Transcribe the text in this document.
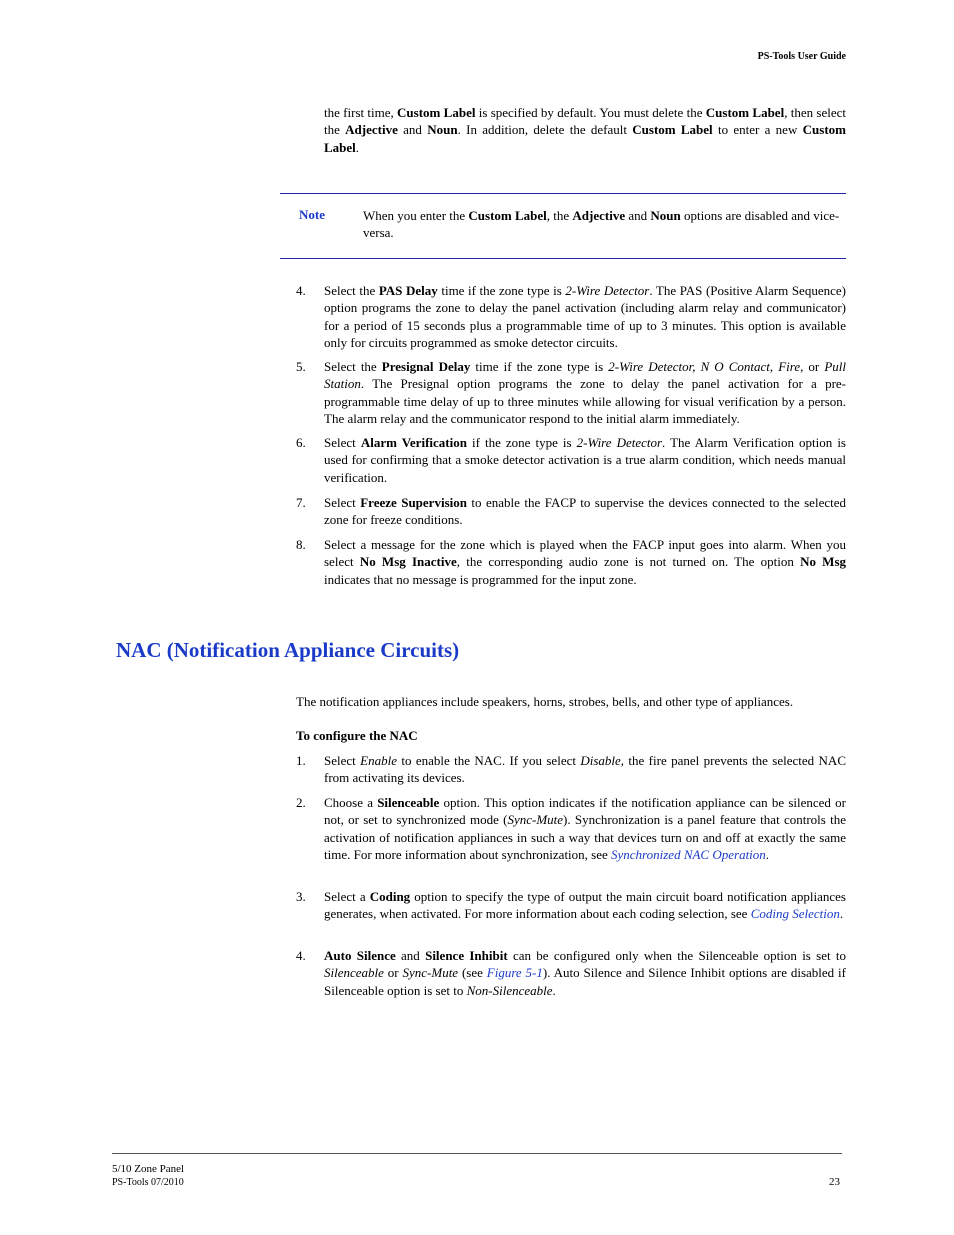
PS-Tools User Guide
the first time, Custom Label is specified by default. You must delete the Custom Label, then select the Adjective and Noun. In addition, delete the default Custom Label to enter a new Custom Label.
Note	When you enter the Custom Label, the Adjective and Noun options are disabled and vice-versa.
4. Select the PAS Delay time if the zone type is 2-Wire Detector. The PAS (Positive Alarm Sequence) option programs the zone to delay the panel activation (including alarm relay and communicator) for a period of 15 seconds plus a programmable time of up to 3 minutes. This option is available only for circuits programmed as smoke detector circuits.
5. Select the Presignal Delay time if the zone type is 2-Wire Detector, N O Contact, Fire, or Pull Station. The Presignal option programs the zone to delay the panel activation for a pre-programmable time delay of up to three minutes while allowing for visual verification by a person. The alarm relay and the communicator respond to the initial alarm immediately.
6. Select Alarm Verification if the zone type is 2-Wire Detector. The Alarm Verification option is used for confirming that a smoke detector activation is a true alarm condition, which needs manual verification.
7. Select Freeze Supervision to enable the FACP to supervise the devices connected to the selected zone for freeze conditions.
8. Select a message for the zone which is played when the FACP input goes into alarm. When you select No Msg Inactive, the corresponding audio zone is not turned on. The option No Msg indicates that no message is programmed for the input zone.
NAC (Notification Appliance Circuits)
The notification appliances include speakers, horns, strobes, bells, and other type of appliances.
To configure the NAC
1. Select Enable to enable the NAC. If you select Disable, the fire panel prevents the selected NAC from activating its devices.
2. Choose a Silenceable option. This option indicates if the notification appliance can be silenced or not, or set to synchronized mode (Sync-Mute). Synchronization is a panel feature that controls the activation of notification appliances in such a way that devices turn on and off at exactly the same time. For more information about synchronization, see Synchronized NAC Operation.
3. Select a Coding option to specify the type of output the main circuit board notification appliances generates, when activated. For more information about each coding selection, see Coding Selection.
4. Auto Silence and Silence Inhibit can be configured only when the Silenceable option is set to Silenceable or Sync-Mute (see Figure 5-1). Auto Silence and Silence Inhibit options are disabled if Silenceable option is set to Non-Silenceable.
5/10 Zone Panel
PS-Tools 07/2010	23
